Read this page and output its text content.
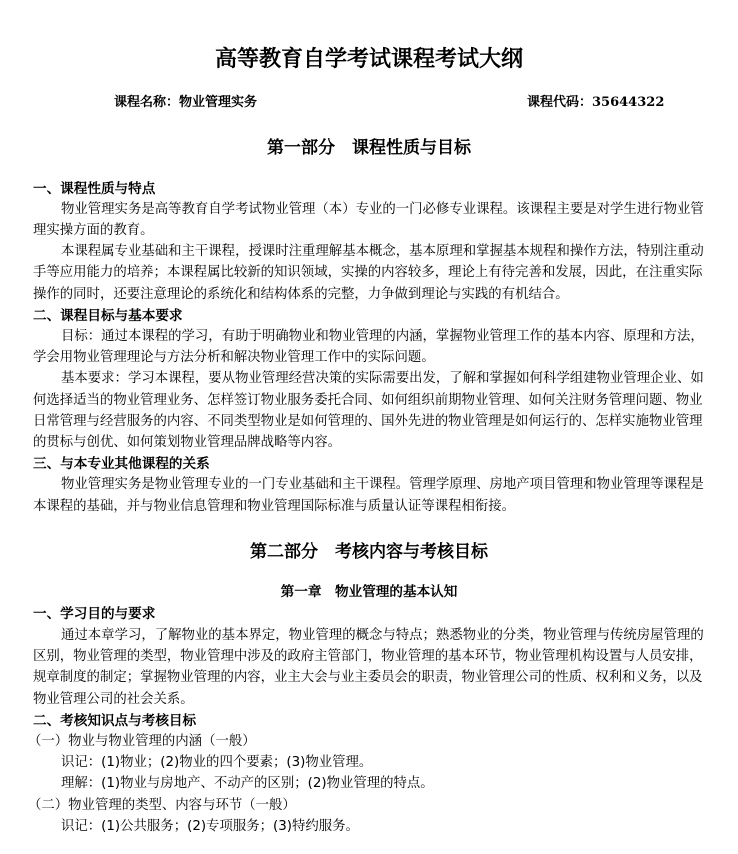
高等教育自学考试课程考试大纲
课程名称：物业管理实务	课程代码：35644322
第一部分　课程性质与目标
一、课程性质与特点
物业管理实务是高等教育自学考试物业管理（本）专业的一门必修专业课程。该课程主要是对学生进行物业管
理实操方面的教育。
本课程属专业基础和主干课程，授课时注重理解基本概念，基本原理和掌握基本规程和操作方法，特别注重动
手等应用能力的培养；本课程属比较新的知识领域，实操的内容较多，理论上有待完善和发展，因此，在注重实际
操作的同时，还要注意理论的系统化和结构体系的完整，力争做到理论与实践的有机结合。
二、课程目标与基本要求
目标：通过本课程的学习，有助于明确物业和物业管理的内涵，掌握物业管理工作的基本内容、原理和方法，
学会用物业管理理论与方法分析和解决物业管理工作中的实际问题。
基本要求：学习本课程，要从物业管理经营决策的实际需要出发，了解和掌握如何科学组建物业管理企业、如
何选择适当的物业管理业务、怎样签订物业服务委托合同、如何组织前期物业管理、如何关注财务管理问题、物业
日常管理与经营服务的内容、不同类型物业是如何管理的、国外先进的物业管理是如何运行的、怎样实施物业管理
的贯标与创优、如何策划物业管理品牌战略等内容。
三、与本专业其他课程的关系
物业管理实务是物业管理专业的一门专业基础和主干课程。管理学原理、房地产项目管理和物业管理等课程是
本课程的基础，并与物业信息管理和物业管理国际标准与质量认证等课程相衔接。
第二部分　考核内容与考核目标
第一章　物业管理的基本认知
一、学习目的与要求
通过本章学习，了解物业的基本界定，物业管理的概念与特点；熟悉物业的分类，物业管理与传统房屋管理的
区别，物业管理的类型，物业管理中涉及的政府主管部门，物业管理的基本环节，物业管理机构设置与人员安排，
规章制度的制定；掌握物业管理的内容，业主大会与业主委员会的职责，物业管理公司的性质、权利和义务，以及
物业管理公司的社会关系。
二、考核知识点与考核目标
（一）物业与物业管理的内涵（一般）
识记：(1)物业；(2)物业的四个要素；(3)物业管理。
理解：(1)物业与房地产、不动产的区别；(2)物业管理的特点。
（二）物业管理的类型、内容与环节（一般）
识记：(1)公共服务；(2)专项服务；(3)特约服务。
